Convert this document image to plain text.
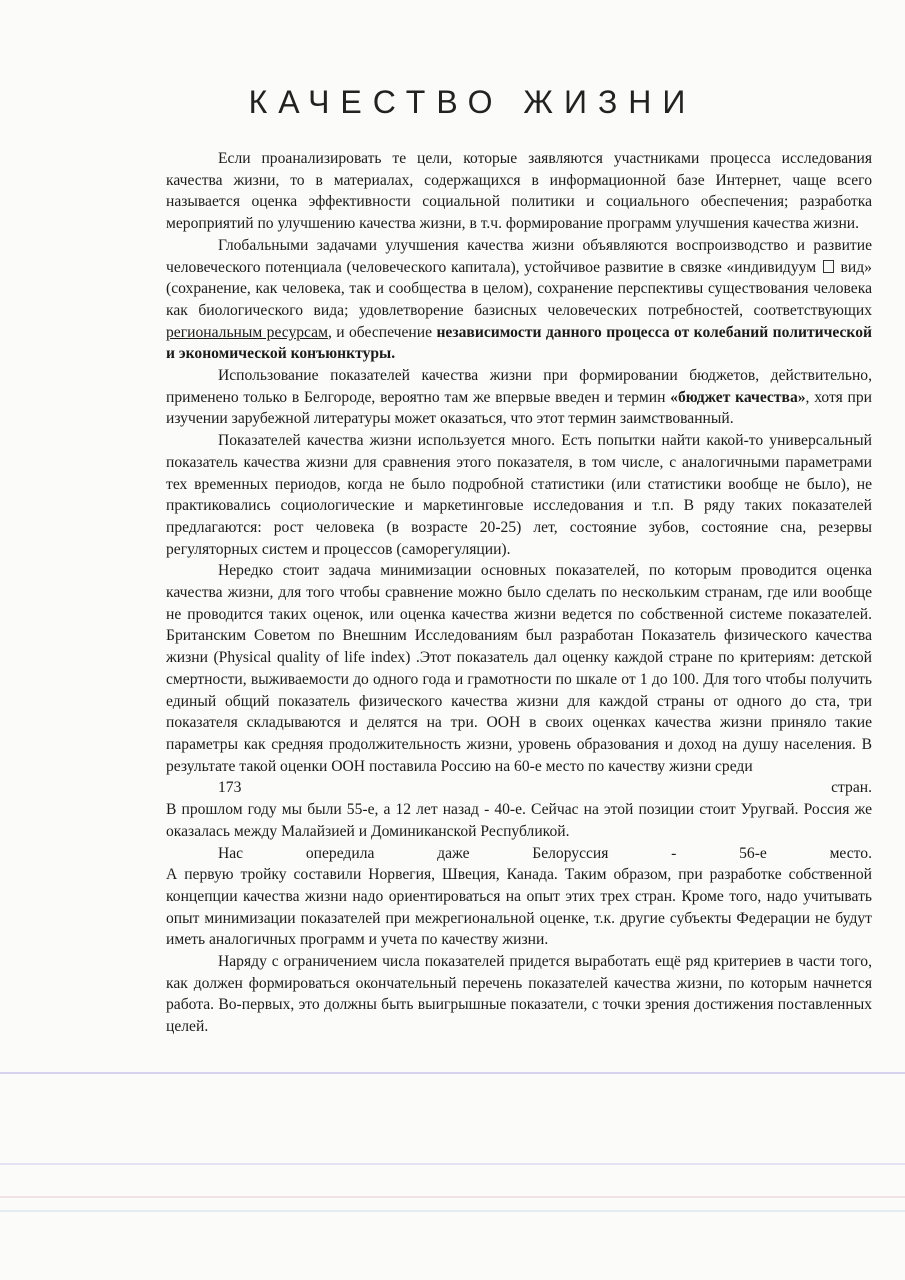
КАЧЕСТВО ЖИЗНИ

Если проанализировать те цели, которые заявляются участниками процесса исследования качества жизни, то в материалах, содержащихся в информационной базе Интернет, чаще всего называется оценка эффективности социальной политики и социального обеспечения; разработка мероприятий по улучшению качества жизни, в т.ч. формирование программ улучшения качества жизни.

Глобальными задачами улучшения качества жизни объявляются воспроизводство и развитие человеческого потенциала (человеческого капитала), устойчивое развитие в связке «индивидуум вид» (сохранение, как человека, так и сообщества в целом), сохранение перспективы существования человека как биологического вида; удовлетворение базисных человеческих потребностей, соответствующих региональным ресурсам, и обеспечение независимости данного процесса от колебаний политической и экономической конъюнктуры.

Использование показателей качества жизни при формировании бюджетов, действительно, применено только в Белгороде, вероятно там же впервые введен и термин «бюджет качества», хотя при изучении зарубежной литературы может оказаться, что этот термин заимствованный.

Показателей качества жизни используется много. Есть попытки найти какой-то универсальный показатель качества жизни для сравнения этого показателя, в том числе, с аналогичными параметрами тех временных периодов, когда не было подробной статистики (или статистики вообще не было), не практиковались социологические и маркетинговые исследования и т.п. В ряду таких показателей предлагаются: рост человека (в возрасте 20-25) лет, состояние зубов, состояние сна, резервы регуляторных систем и процессов (саморегуляции).

Нередко стоит задача минимизации основных показателей, по которым проводится оценка качества жизни, для того чтобы сравнение можно было сделать по нескольким странам, где или вообще не проводится таких оценок, или оценка качества жизни ведется по собственной системе показателей. Британским Советом по Внешним Исследованиям был разработан Показатель физического качества жизни (Physical quality of life index) .Этот показатель дал оценку каждой стране по критериям: детской смертности, выживаемости до одного года и грамотности по шкале от 1 до 100. Для того чтобы получить единый общий показатель физического качества жизни для каждой страны от одного до ста, три показателя складываются и делятся на три. ООН в своих оценках качества жизни приняло такие параметры как средняя продолжительность жизни, уровень образования и доход на душу населения. В результате такой оценки ООН поставила Россию на 60-е место по качеству жизни среди

173	стран.

В прошлом году мы были 55-е, а 12 лет назад - 40-е. Сейчас на этой позиции стоит Уругвай. Россия же оказалась между Малайзией и Доминиканской Республикой.

Нас	опередила	даже	Белоруссия	-	56-е	место.

А первую тройку составили Норвегия, Швеция, Канада. Таким образом, при разработке собственной концепции качества жизни надо ориентироваться на опыт этих трех стран. Кроме того, надо учитывать опыт минимизации показателей при межрегиональной оценке, т.к. другие субъекты Федерации не будут иметь аналогичных программ и учета по качеству жизни.

Наряду с ограничением числа показателей придется выработать ещё ряд критериев в части того, как должен формироваться окончательный перечень показателей качества жизни, по которым начнется работа. Во-первых, это должны быть выигрышные показатели, с точки зрения достижения поставленных целей.
